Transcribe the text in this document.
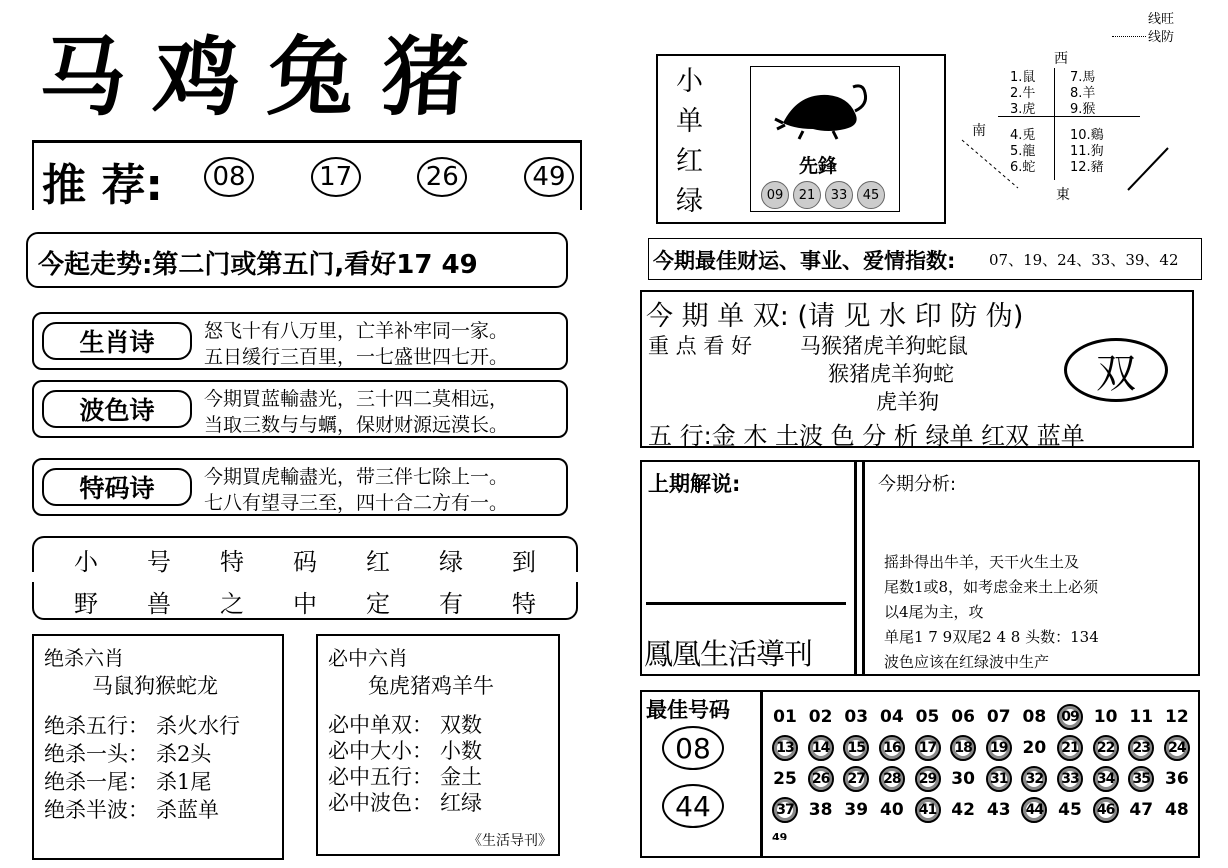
马鸡兔猪
线旺
线防
推 荐:	08	17	26	49
今起走势:第二门或第五门,看好17 49
生肖诗	怒飞十有八万里，亡羊补牢同一家。
五日缓行三百里，一七盛世四七开。
波色诗	今期買蓝輸盡光，三十四二莫相远，
当取三数与与蠣，保财财源远漠长。
特码诗	今期買虎輸盡光，带三伴七除上一。
七八有望寻三至，四十合二方有一。
小 号 特 码 红 绿 到
野 兽 之 中 定 有 特
绝杀六肖
马鼠狗猴蛇龙
绝杀五行： 杀火水行
绝杀一头： 杀2头
绝杀一尾： 杀1尾
绝杀半波： 杀蓝单
必中六肖
兔虎猪鸡羊牛
必中单双： 双数
必中大小： 小数
必中五行： 金土
必中波色： 红绿
《生活导刊》
小
单
红
绿
先鋒
09	21	33	45
西
南
東
1.鼠	7.馬
2.牛	8.羊
3.虎	9.猴
4.兎	10.鷄
5.龍	11.狗
6.蛇	12.豬
今期最佳财运、事业、爱情指数: 07、19、24、33、39、42
今 期 单 双: (请 见 水 印 防 伪)
重 点 看 好 马猴猪虎羊狗蛇鼠
猴猪虎羊狗蛇
虎羊狗
双
五 行:金 木 土波 色 分 析 绿单 红双 蓝单
上期解说:
鳳凰生活導刊
今期分析:
摇卦得出牛羊，天干火生土及
尾数1或8，如考虑金来土上必须
以4尾为主，攻
单尾1 7 9双尾2 4 8 头数：134
波色应该在红绿波中生产
最佳号码
08
44
01 02 03 04 05 06 07 08	09 10 11 12
13	14	15	16	17	18	19 20	21	22	23	24
25	26	27	28	29 30	31	32	33	34	35 36
37 38 39 40	41 42 43	44 45	46 47 48
49
